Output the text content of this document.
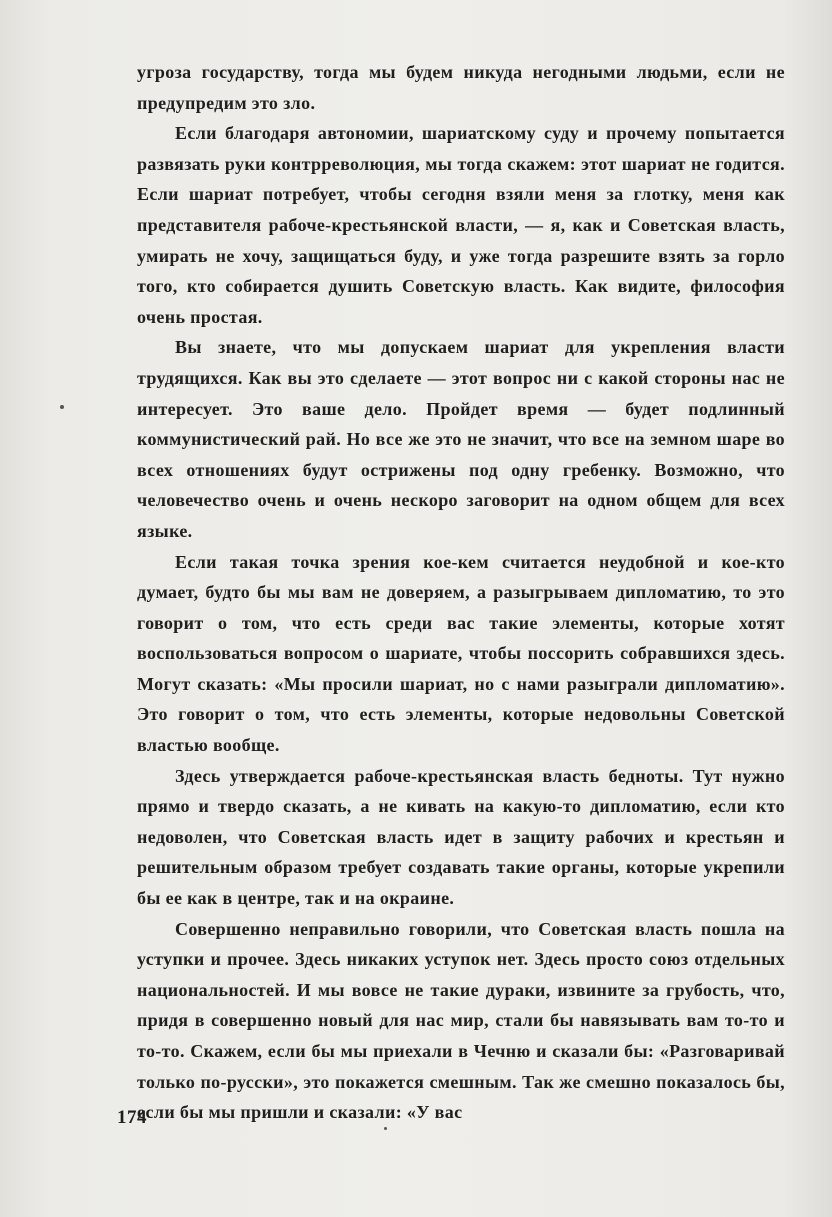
угроза государству, тогда мы будем никуда негодными людьми, если не предупредим это зло.

Если благодаря автономии, шариатскому суду и прочему попытается развязать руки контрреволюция, мы тогда скажем: этот шариат не годится. Если шариат потребует, чтобы сегодня взяли меня за глотку, меня как представителя рабоче-крестьянской власти, — я, как и Советская власть, умирать не хочу, защищаться буду, и уже тогда разрешите взять за горло того, кто собирается душить Советскую власть. Как видите, философия очень простая.

Вы знаете, что мы допускаем шариат для укрепления власти трудящихся. Как вы это сделаете — этот вопрос ни с какой стороны нас не интересует. Это ваше дело. Пройдет время — будет подлинный коммунистический рай. Но все же это не значит, что все на земном шаре во всех отношениях будут острижены под одну гребенку. Возможно, что человечество очень и очень нескоро заговорит на одном общем для всех языке.

Если такая точка зрения кое-кем считается неудобной и кое-кто думает, будто бы мы вам не доверяем, а разыгрываем дипломатию, то это говорит о том, что есть среди вас такие элементы, которые хотят воспользоваться вопросом о шариате, чтобы поссорить собравшихся здесь. Могут сказать: «Мы просили шариат, но с нами разыграли дипломатию». Это говорит о том, что есть элементы, которые недовольны Советской властью вообще.

Здесь утверждается рабоче-крестьянская власть бедноты. Тут нужно прямо и твердо сказать, а не кивать на какую-то дипломатию, если кто недоволен, что Советская власть идет в защиту рабочих и крестьян и решительным образом требует создавать такие органы, которые укрепили бы ее как в центре, так и на окраине.

Совершенно неправильно говорили, что Советская власть пошла на уступки и прочее. Здесь никаких уступок нет. Здесь просто союз отдельных национальностей. И мы вовсе не такие дураки, извините за грубость, что, придя в совершенно новый для нас мир, стали бы навязывать вам то-то и то-то. Скажем, если бы мы приехали в Чечню и сказали бы: «Разговаривай только по-русски», это покажется смешным. Так же смешно показалось бы, если бы мы пришли и сказали: «У вас

174
